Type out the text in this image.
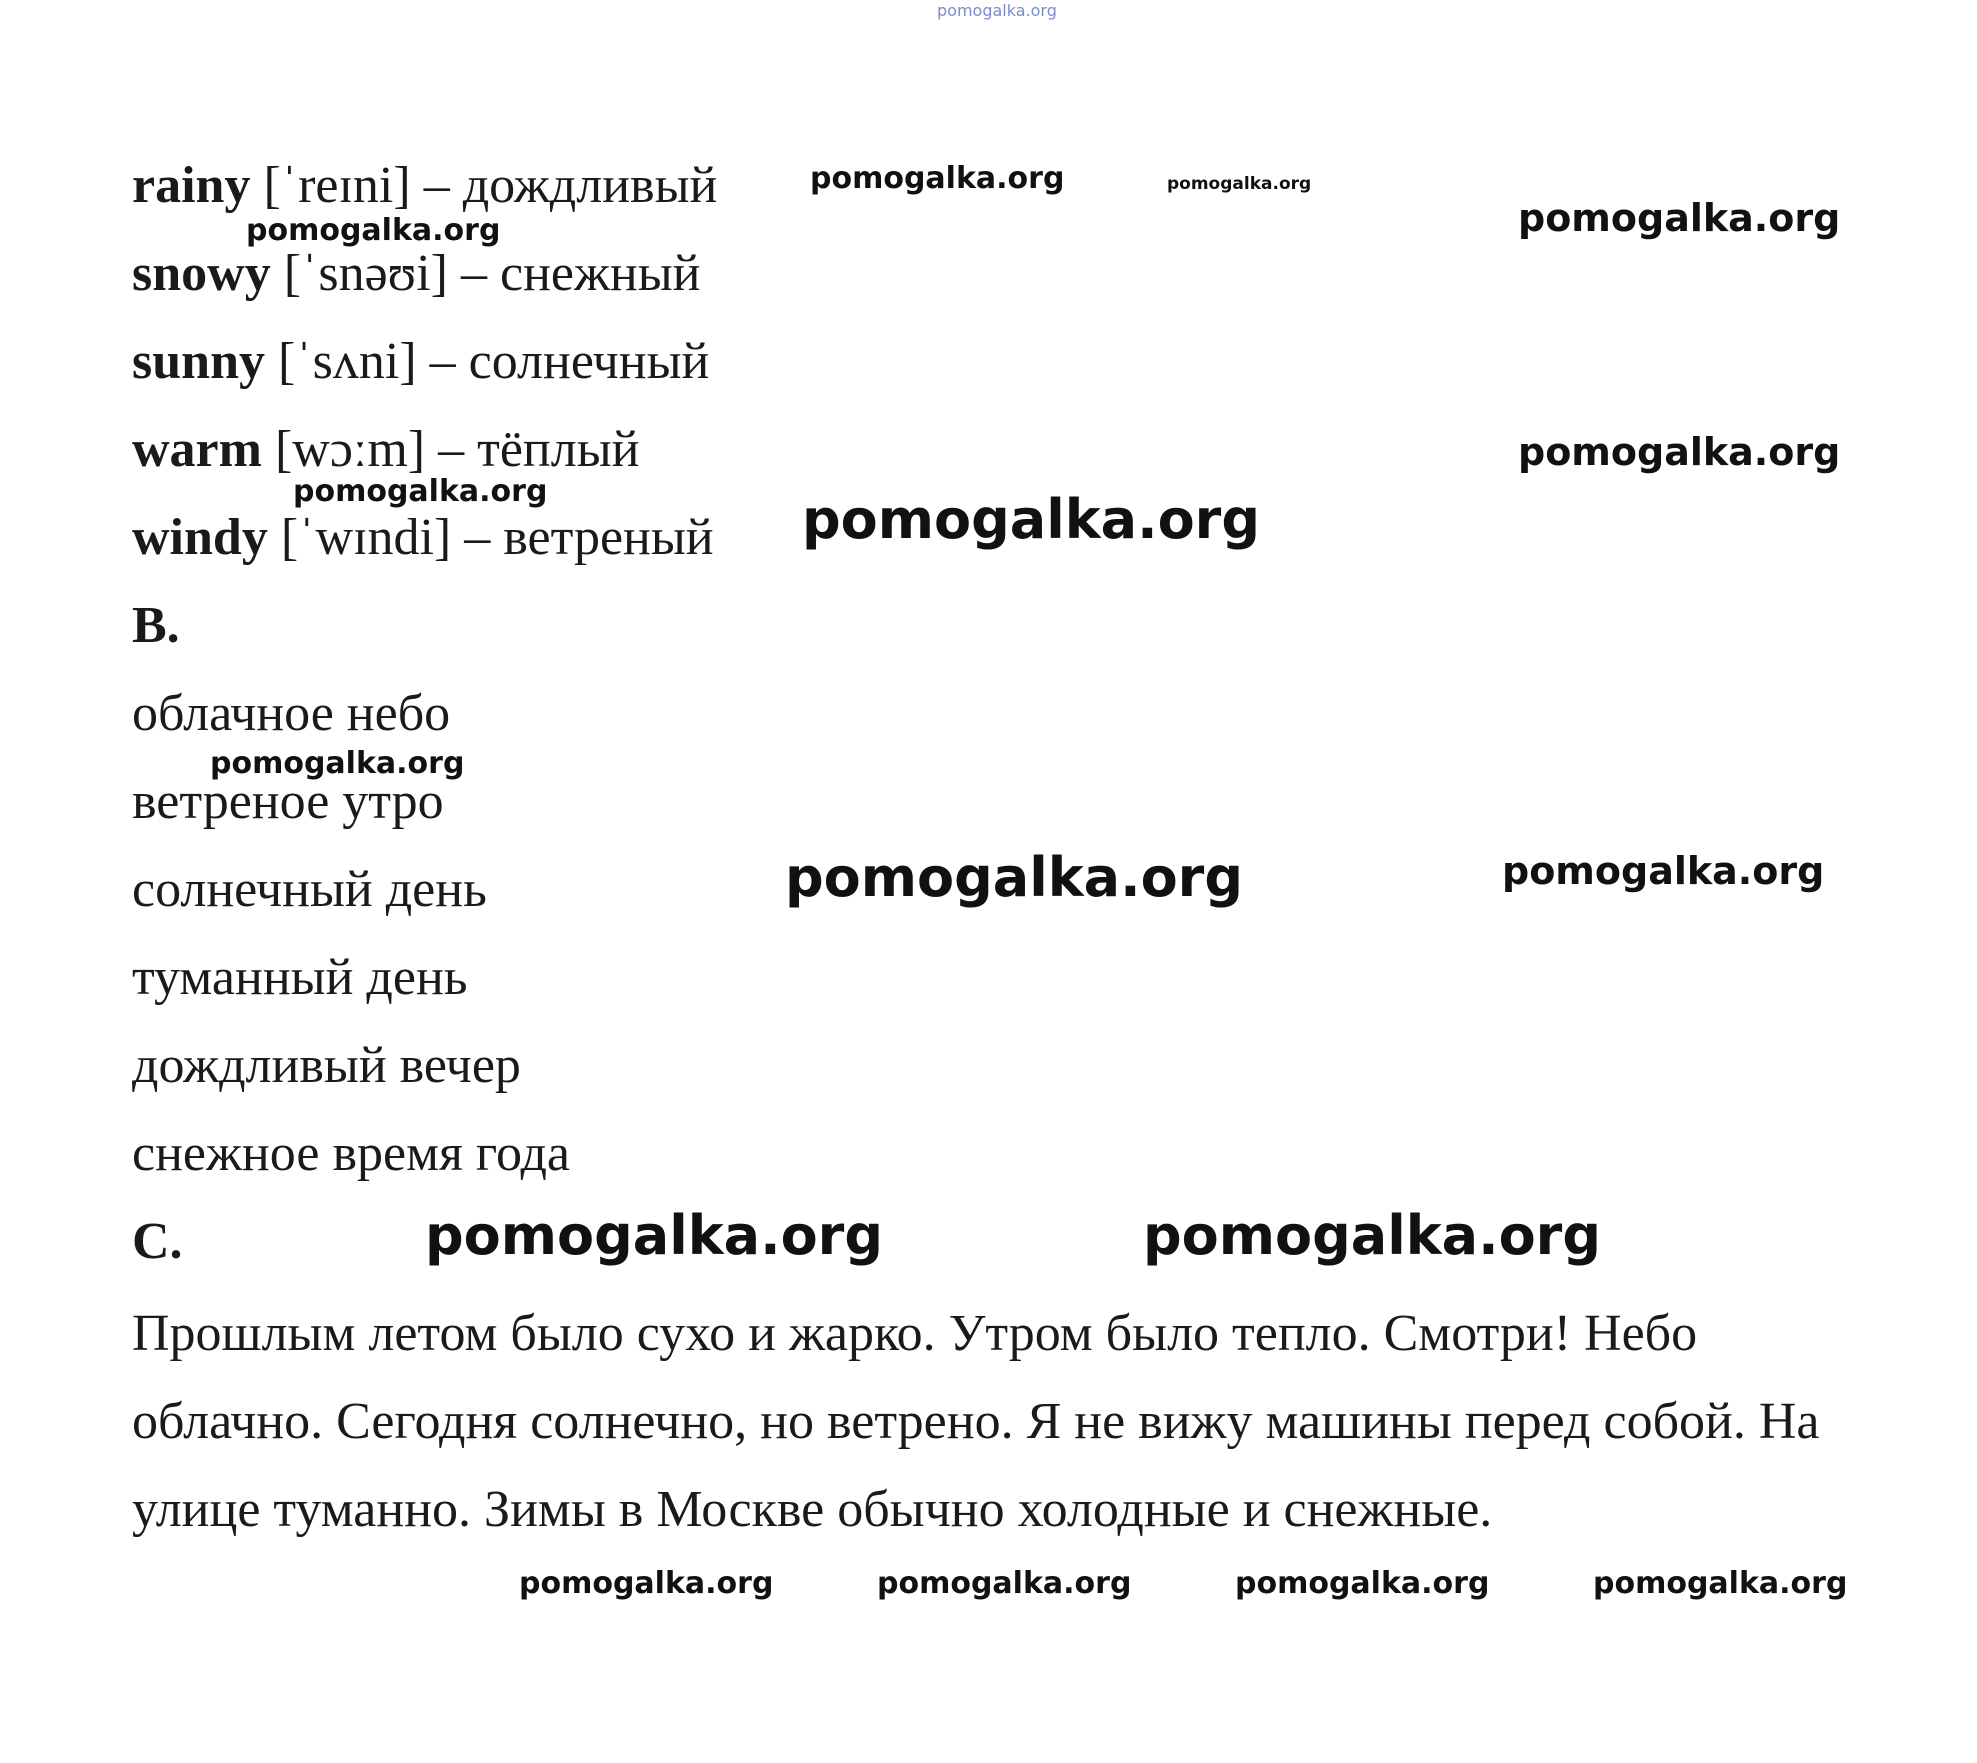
rainy [ˈreɪni] – дождливый
snowy [ˈsnəʊi] – снежный
sunny [ˈsʌni] – солнечный
warm [wɔːm] – тёплый
windy [ˈwɪndi] – ветреный
B.
облачное небо
ветреное утро
солнечный день
туманный день
дождливый вечер
снежное время года
C.

Прошлым летом было сухо и жарко. Утром было тепло. Смотри! Небо облачно. Сегодня солнечно, но ветрено. Я не вижу машины перед собой. На улице туманно. Зимы в Москве обычно холодные и снежные.

pomogalka.org
pomogalka.org	pomogalka.org
pomogalka.org
pomogalka.org
pomogalka.org
pomogalka.org	pomogalka.org
pomogalka.org
pomogalka.org	pomogalka.org
pomogalka.org	pomogalka.org
pomogalka.org	pomogalka.org	pomogalka.org	pomogalka.org
